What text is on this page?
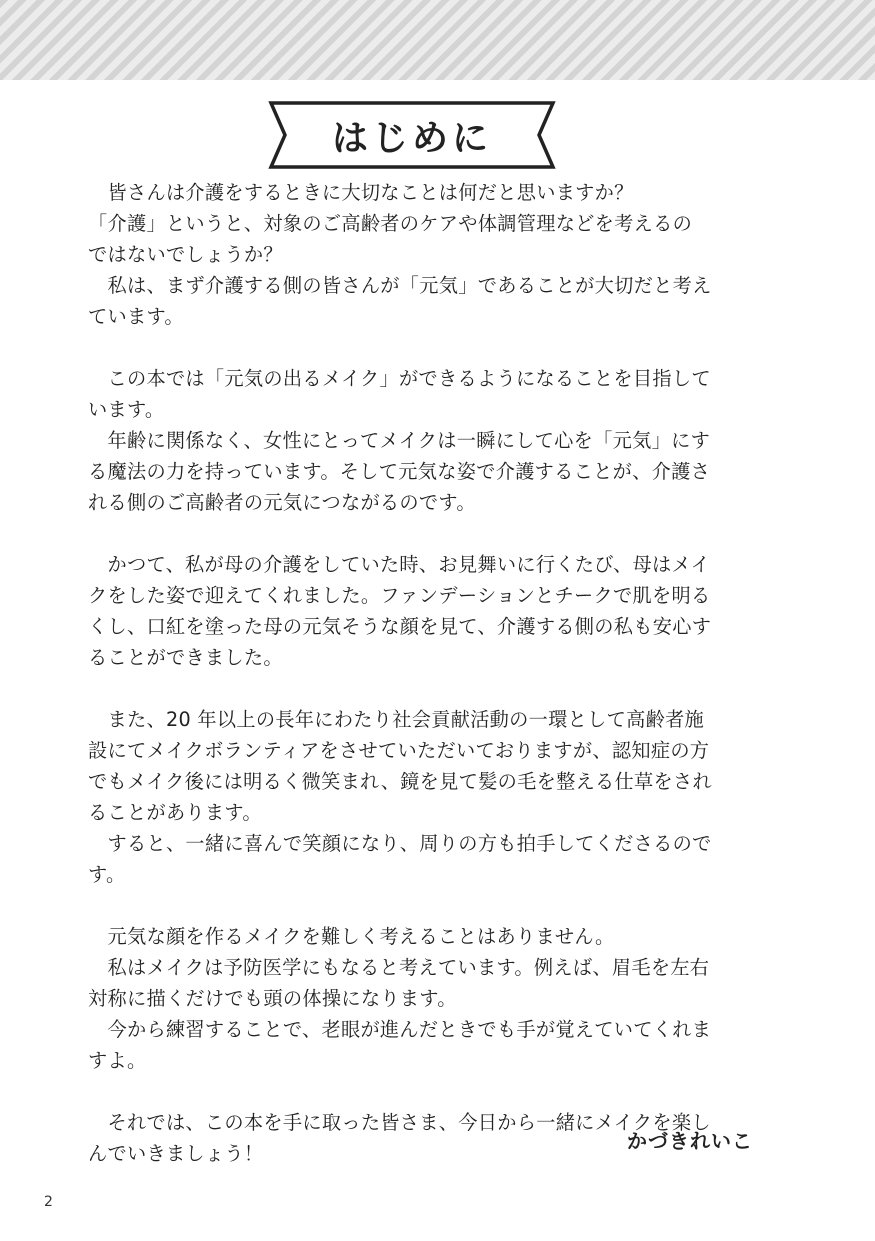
はじめに
　皆さんは介護をするときに大切なことは何だと思いますか？
「介護」というと、対象のご高齢者のケアや体調管理などを考えるの
ではないでしょうか？
　私は、まず介護する側の皆さんが「元気」であることが大切だと考え
ています。
　この本では「元気の出るメイク」ができるようになることを目指して
います。
　年齢に関係なく、女性にとってメイクは一瞬にして心を「元気」にす
る魔法の力を持っています。そして元気な姿で介護することが、介護さ
れる側のご高齢者の元気につながるのです。
　かつて、私が母の介護をしていた時、お見舞いに行くたび、母はメイ
クをした姿で迎えてくれました。ファンデーションとチークで肌を明る
くし、口紅を塗った母の元気そうな顔を見て、介護する側の私も安心す
ることができました。
　また、20 年以上の長年にわたり社会貢献活動の一環として高齢者施
設にてメイクボランティアをさせていただいておりますが、認知症の方
でもメイク後には明るく微笑まれ、鏡を見て髪の毛を整える仕草をされ
ることがあります。
　すると、一緒に喜んで笑顔になり、周りの方も拍手してくださるので
す。
　元気な顔を作るメイクを難しく考えることはありません。
　私はメイクは予防医学にもなると考えています。例えば、眉毛を左右
対称に描くだけでも頭の体操になります。
　今から練習することで、老眼が進んだときでも手が覚えていてくれま
すよ。
　それでは、この本を手に取った皆さま、今日から一緒にメイクを楽し
んでいきましょう！
かづきれいこ
2
